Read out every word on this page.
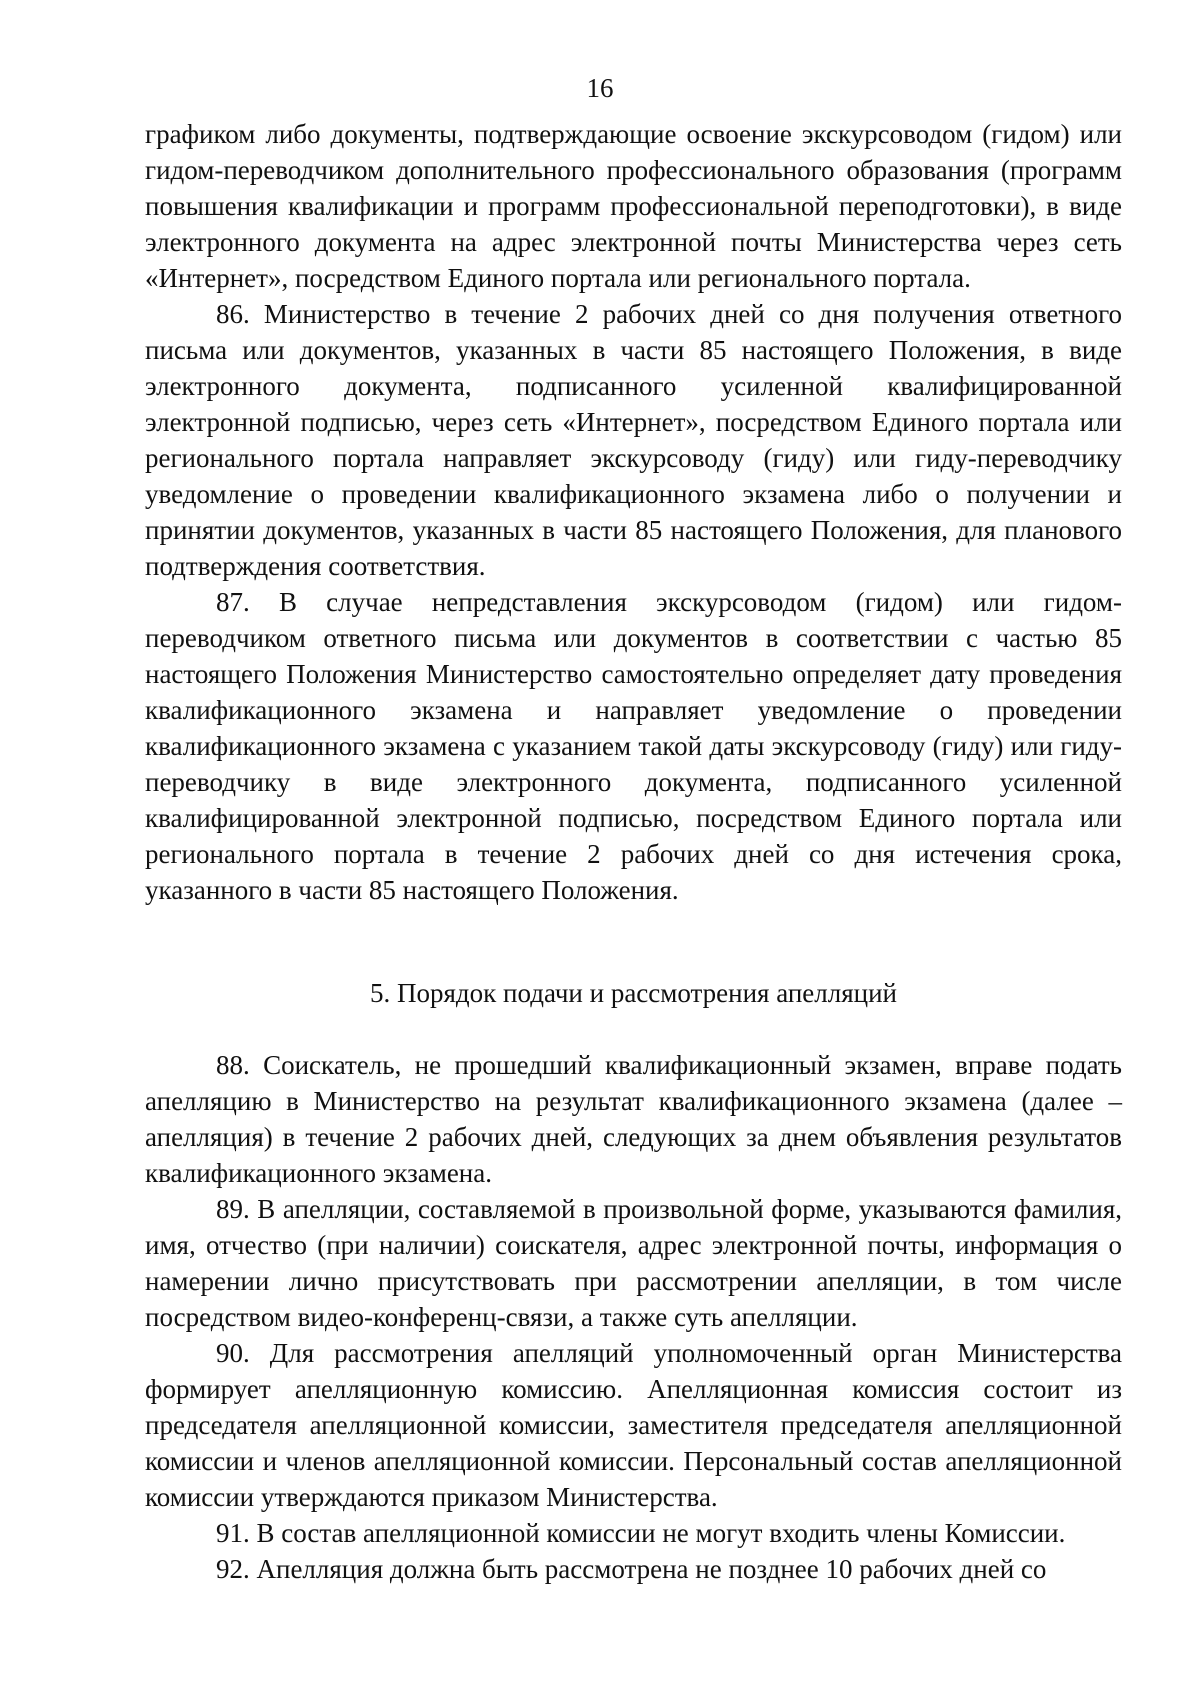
16

графиком либо документы, подтверждающие освоение экскурсоводом (гидом) или гидом-переводчиком дополнительного профессионального образования (программ повышения квалификации и программ профессиональной переподготовки), в виде электронного документа на адрес электронной почты Министерства через сеть «Интернет», посредством Единого портала или регионального портала.

86. Министерство в течение 2 рабочих дней со дня получения ответного письма или документов, указанных в части 85 настоящего Положения, в виде электронного документа, подписанного усиленной квалифицированной электронной подписью, через сеть «Интернет», посредством Единого портала или регионального портала направляет экскурсоводу (гиду) или гиду-переводчику уведомление о проведении квалификационного экзамена либо о получении и принятии документов, указанных в части 85 настоящего Положения, для планового подтверждения соответствия.

87. В случае непредставления экскурсоводом (гидом) или гидом-переводчиком ответного письма или документов в соответствии с частью 85 настоящего Положения Министерство самостоятельно определяет дату проведения квалификационного экзамена и направляет уведомление о проведении квалификационного экзамена с указанием такой даты экскурсоводу (гиду) или гиду-переводчику в виде электронного документа, подписанного усиленной квалифицированной электронной подписью, посредством Единого портала или регионального портала в течение 2 рабочих дней со дня истечения срока, указанного в части 85 настоящего Положения.

5. Порядок подачи и рассмотрения апелляций

88. Соискатель, не прошедший квалификационный экзамен, вправе подать апелляцию в Министерство на результат квалификационного экзамена (далее – апелляция) в течение 2 рабочих дней, следующих за днем объявления результатов квалификационного экзамена.

89. В апелляции, составляемой в произвольной форме, указываются фамилия, имя, отчество (при наличии) соискателя, адрес электронной почты, информация о намерении лично присутствовать при рассмотрении апелляции, в том числе посредством видео-конференц-связи, а также суть апелляции.

90. Для рассмотрения апелляций уполномоченный орган Министерства формирует апелляционную комиссию. Апелляционная комиссия состоит из председателя апелляционной комиссии, заместителя председателя апелляционной комиссии и членов апелляционной комиссии. Персональный состав апелляционной комиссии утверждаются приказом Министерства.

91. В состав апелляционной комиссии не могут входить члены Комиссии.

92. Апелляция должна быть рассмотрена не позднее 10 рабочих дней со
